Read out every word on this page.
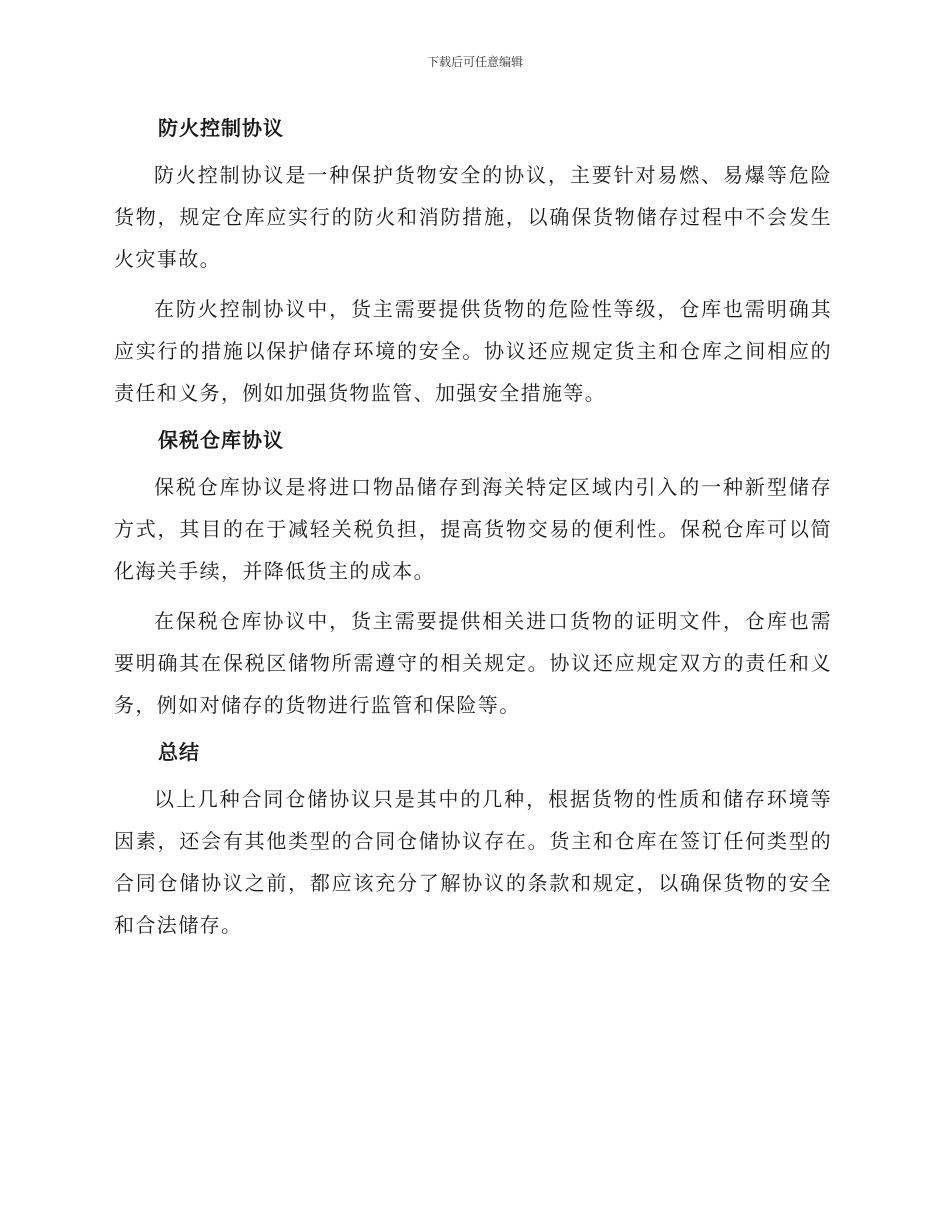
下载后可任意编辑
防火控制协议

防火控制协议是一种保护货物安全的协议，主要针对易燃、易爆等危险货物，规定仓库应实行的防火和消防措施，以确保货物储存过程中不会发生火灾事故。

在防火控制协议中，货主需要提供货物的危险性等级，仓库也需明确其应实行的措施以保护储存环境的安全。协议还应规定货主和仓库之间相应的责任和义务，例如加强货物监管、加强安全措施等。

保税仓库协议

保税仓库协议是将进口物品储存到海关特定区域内引入的一种新型储存方式，其目的在于减轻关税负担，提高货物交易的便利性。保税仓库可以简化海关手续，并降低货主的成本。

在保税仓库协议中，货主需要提供相关进口货物的证明文件，仓库也需要明确其在保税区储物所需遵守的相关规定。协议还应规定双方的责任和义务，例如对储存的货物进行监管和保险等。

总结

以上几种合同仓储协议只是其中的几种，根据货物的性质和储存环境等因素，还会有其他类型的合同仓储协议存在。货主和仓库在签订任何类型的合同仓储协议之前，都应该充分了解协议的条款和规定，以确保货物的安全和合法储存。
